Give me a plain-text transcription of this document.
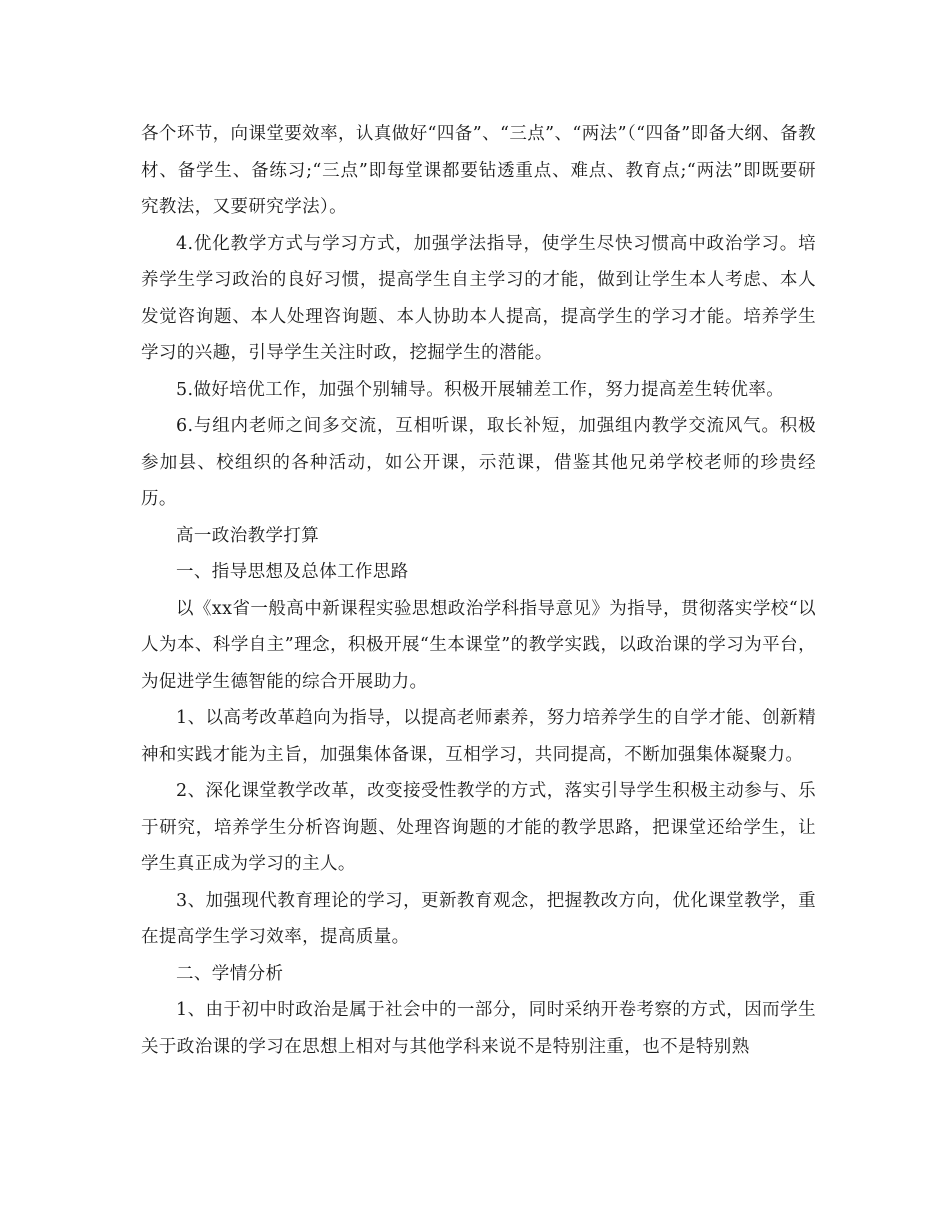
各个环节，向课堂要效率，认真做好“四备”、“三点”、“两法”（“四备”即备大纲、备教材、备学生、备练习;“三点”即每堂课都要钻透重点、难点、教育点;“两法”即既要研究教法，又要研究学法）。

4.优化教学方式与学习方式，加强学法指导，使学生尽快习惯高中政治学习。培养学生学习政治的良好习惯，提高学生自主学习的才能，做到让学生本人考虑、本人发觉咨询题、本人处理咨询题、本人协助本人提高，提高学生的学习才能。培养学生学习的兴趣，引导学生关注时政，挖掘学生的潜能。

5.做好培优工作，加强个别辅导。积极开展辅差工作，努力提高差生转优率。

6.与组内老师之间多交流，互相听课，取长补短，加强组内教学交流风气。积极参加县、校组织的各种活动，如公开课，示范课，借鉴其他兄弟学校老师的珍贵经历。

高一政治教学打算

一、指导思想及总体工作思路

以《xx省一般高中新课程实验思想政治学科指导意见》为指导，贯彻落实学校“以人为本、科学自主”理念，积极开展“生本课堂”的教学实践，以政治课的学习为平台，为促进学生德智能的综合开展助力。

1、以高考改革趋向为指导，以提高老师素养，努力培养学生的自学才能、创新精神和实践才能为主旨，加强集体备课，互相学习，共同提高，不断加强集体凝聚力。

2、深化课堂教学改革，改变接受性教学的方式，落实引导学生积极主动参与、乐于研究，培养学生分析咨询题、处理咨询题的才能的教学思路，把课堂还给学生，让学生真正成为学习的主人。

3、加强现代教育理论的学习，更新教育观念，把握教改方向，优化课堂教学，重在提高学生学习效率，提高质量。

二、学情分析

1、由于初中时政治是属于社会中的一部分，同时采纳开卷考察的方式，因而学生关于政治课的学习在思想上相对与其他学科来说不是特别注重，也不是特别熟
